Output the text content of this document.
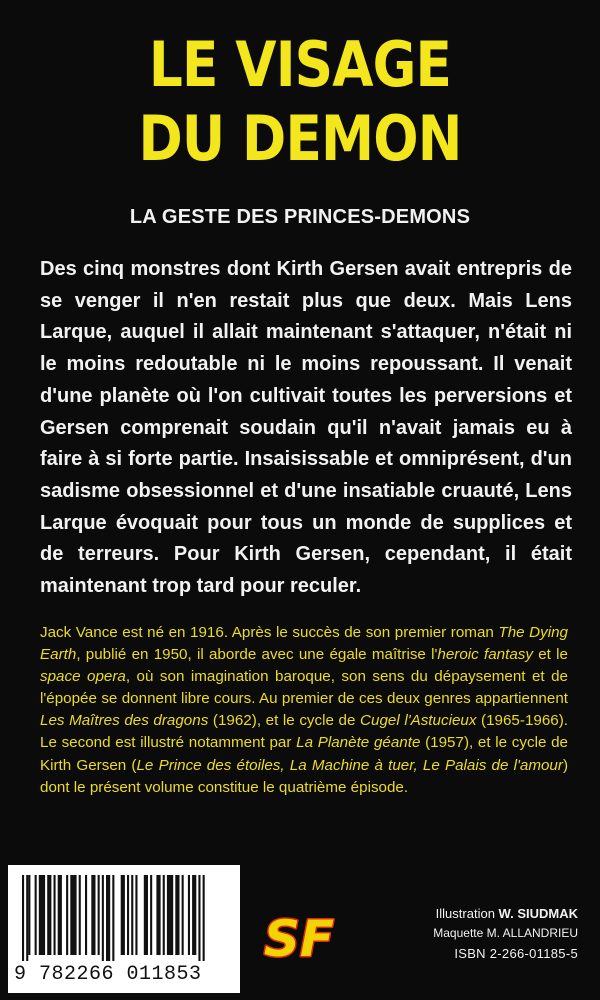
LE VISAGE
DU DEMON
LA GESTE DES PRINCES-DEMONS
Des cinq monstres dont Kirth Gersen avait entrepris de se venger il n'en restait plus que deux. Mais Lens Larque, auquel il allait maintenant s'attaquer, n'était ni le moins redoutable ni le moins repoussant. Il venait d'une planète où l'on cultivait toutes les perversions et Gersen comprenait soudain qu'il n'avait jamais eu à faire à si forte partie. Insaisissable et omniprésent, d'un sadisme obsessionnel et d'une insatiable cruauté, Lens Larque évoquait pour tous un monde de supplices et de terreurs. Pour Kirth Gersen, cependant, il était maintenant trop tard pour reculer.
Jack Vance est né en 1916. Après le succès de son premier roman The Dying Earth, publié en 1950, il aborde avec une égale maîtrise l'heroic fantasy et le space opera, où son imagination baroque, son sens du dépaysement et de l'épopée se donnent libre cours. Au premier de ces deux genres appartiennent Les Maîtres des dragons (1962), et le cycle de Cugel l'Astucieux (1965-1966). Le second est illustré notamment par La Planète géante (1957), et le cycle de Kirth Gersen (Le Prince des étoiles, La Machine à tuer, Le Palais de l'amour) dont le présent volume constitue le quatrième épisode.
9 782266 011853
SF	Illustration W. SIUDMAK
Maquette M. ALLANDRIEU
ISBN 2-266-01185-5
